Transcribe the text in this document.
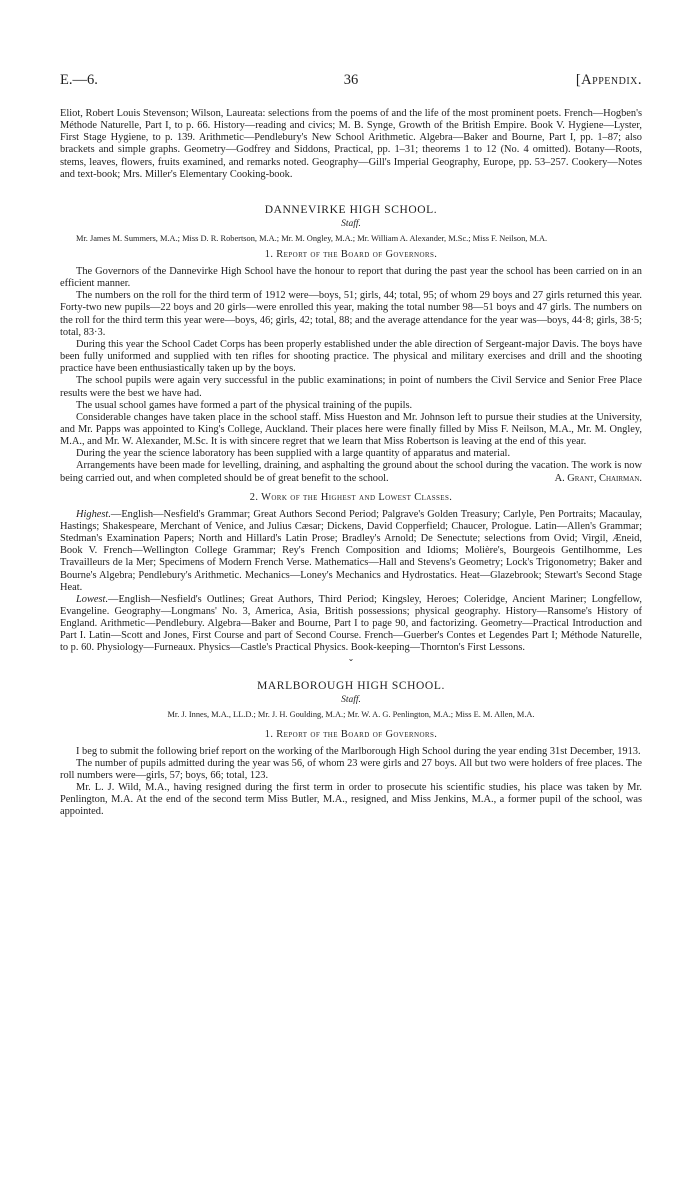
E.—6.	36	[Appendix.

Eliot, Robert Louis Stevenson; Wilson, Laureata: selections from the poems of and the life of the most prominent poets. French—Hogben's Méthode Naturelle, Part I, to p. 66. History—reading and civics; M. B. Synge, Growth of the British Empire. Book V. Hygiene—Lyster, First Stage Hygiene, to p. 139. Arithmetic—Pendlebury's New School Arithmetic. Algebra—Baker and Bourne, Part I, pp. 1–87; also brackets and simple graphs. Geometry—Godfrey and Siddons, Practical, pp. 1–31; theorems 1 to 12 (No. 4 omitted). Botany—Roots, stems, leaves, flowers, fruits examined, and remarks noted. Geography—Gill's Imperial Geography, Europe, pp. 53–257. Cookery—Notes and text-book; Mrs. Miller's Elementary Cooking-book.

DANNEVIRKE HIGH SCHOOL.
Staff.
Mr. James M. Summers, M.A.; Miss D. R. Robertson, M.A.; Mr. M. Ongley, M.A.; Mr. William A. Alexander, M.Sc.; Miss F. Neilson, M.A.
1. Report of the Board of Governors.

The Governors of the Dannevirke High School have the honour to report that during the past year the school has been carried on in an efficient manner.

The numbers on the roll for the third term of 1912 were—boys, 51; girls, 44; total, 95; of whom 29 boys and 27 girls returned this year. Forty-two new pupils—22 boys and 20 girls—were enrolled this year, making the total number 98—51 boys and 47 girls. The numbers on the roll for the third term this year were—boys, 46; girls, 42; total, 88; and the average attendance for the year was—boys, 44·8; girls, 38·5; total, 83·3.

During this year the School Cadet Corps has been properly established under the able direction of Sergeant-major Davis. The boys have been fully uniformed and supplied with ten rifles for shooting practice. The physical and military exercises and drill and the shooting practice have been enthusiastically taken up by the boys.

The school pupils were again very successful in the public examinations; in point of numbers the Civil Service and Senior Free Place results were the best we have had.

The usual school games have formed a part of the physical training of the pupils.

Considerable changes have taken place in the school staff. Miss Hueston and Mr. Johnson left to pursue their studies at the University, and Mr. Papps was appointed to King's College, Auckland. Their places here were finally filled by Miss F. Neilson, M.A., Mr. M. Ongley, M.A., and Mr. W. Alexander, M.Sc. It is with sincere regret that we learn that Miss Robertson is leaving at the end of this year.

During the year the science laboratory has been supplied with a large quantity of apparatus and material.

Arrangements have been made for levelling, draining, and asphalting the ground about the school during the vacation. The work is now being carried out, and when completed should be of great benefit to the school.	A. Grant, Chairman.

2. Work of the Highest and Lowest Classes.

Highest.—English—Nesfield's Grammar; Great Authors Second Period; Palgrave's Golden Treasury; Carlyle, Pen Portraits; Macaulay, Hastings; Shakespeare, Merchant of Venice, and Julius Cæsar; Dickens, David Copperfield; Chaucer, Prologue. Latin—Allen's Grammar; Stedman's Examination Papers; North and Hillard's Latin Prose; Bradley's Arnold; De Senectute; selections from Ovid; Virgil, Æneid, Book V. French—Wellington College Grammar; Rey's French Composition and Idioms; Molière's, Bourgeois Gentilhomme, Les Travailleurs de la Mer; Specimens of Modern French Verse. Mathematics—Hall and Stevens's Geometry; Lock's Trigonometry; Baker and Bourne's Algebra; Pendlebury's Arithmetic. Mechanics—Loney's Mechanics and Hydrostatics. Heat—Glazebrook; Stewart's Second Stage Heat.

Lowest.—English—Nesfield's Outlines; Great Authors, Third Period; Kingsley, Heroes; Coleridge, Ancient Mariner; Longfellow, Evangeline. Geography—Longmans' No. 3, America, Asia, British possessions; physical geography. History—Ransome's History of England. Arithmetic—Pendlebury. Algebra—Baker and Bourne, Part I to page 90, and factorizing. Geometry—Practical Introduction and Part I. Latin—Scott and Jones, First Course and part of Second Course. French—Guerber's Contes et Legendes Part I; Méthode Naturelle, to p. 60. Physiology—Furneaux. Physics—Castle's Practical Physics. Book-keeping—Thornton's First Lessons.

⌄
MARLBOROUGH HIGH SCHOOL.
Staff.
Mr. J. Innes, M.A., LL.D.; Mr. J. H. Goulding, M.A.; Mr. W. A. G. Penlington, M.A.; Miss E. M. Allen, M.A.
1. Report of the Board of Governors.

I beg to submit the following brief report on the working of the Marlborough High School during the year ending 31st December, 1913.

The number of pupils admitted during the year was 56, of whom 23 were girls and 27 boys. All but two were holders of free places. The roll numbers were—girls, 57; boys, 66; total, 123.

Mr. L. J. Wild, M.A., having resigned during the first term in order to prosecute his scientific studies, his place was taken by Mr. Penlington, M.A. At the end of the second term Miss Butler, M.A., resigned, and Miss Jenkins, M.A., a former pupil of the school, was appointed.
